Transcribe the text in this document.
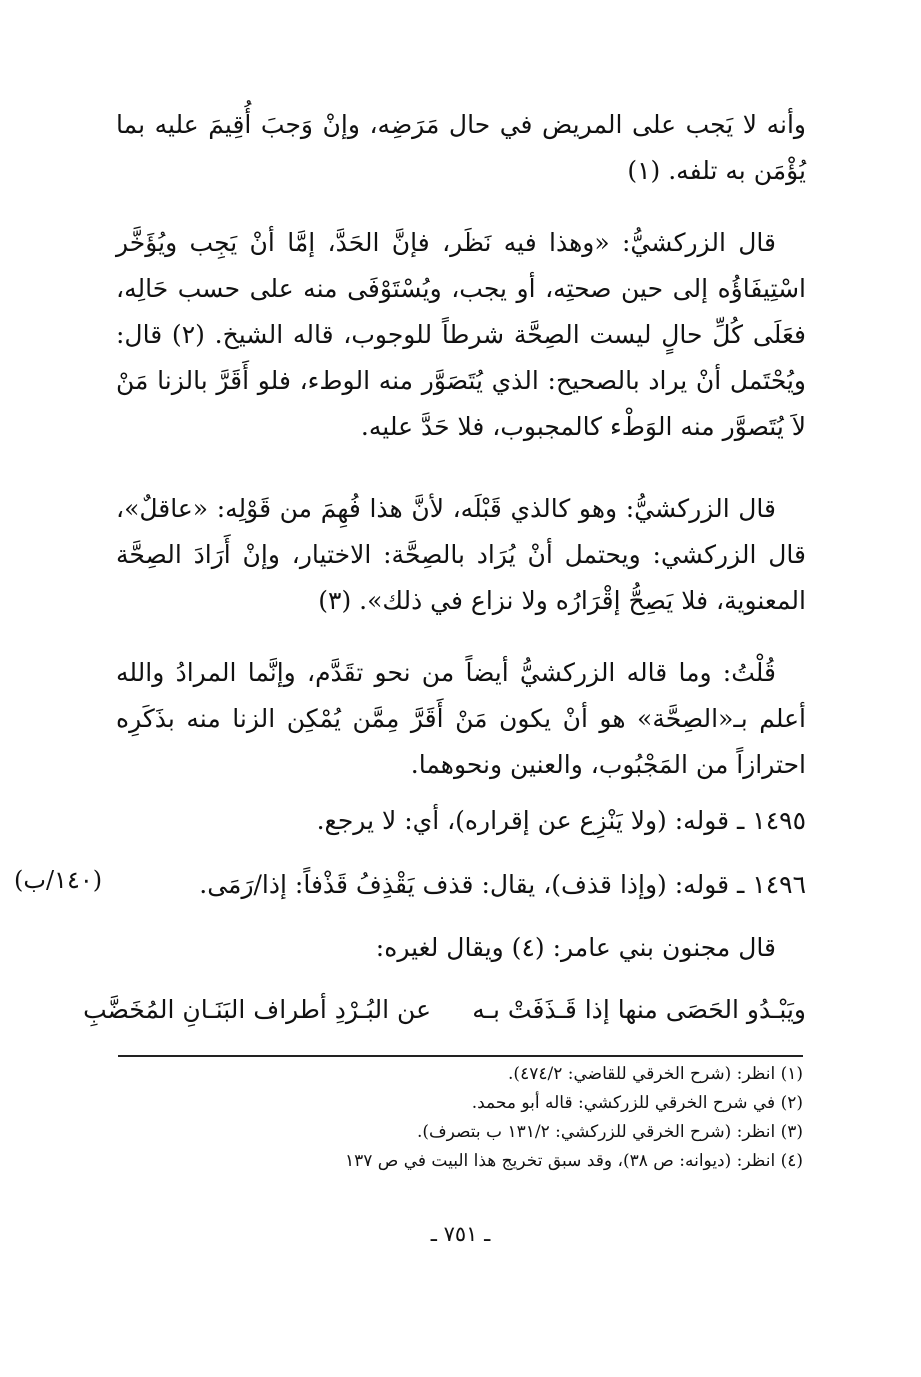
وأنه لا يَجب على المريض في حال مَرَضِه، وإنْ وَجبَ أُقِيمَ عليه بما يُؤْمَن به تلفه. (١)
قال الزركشيُّ: «وهذا فيه نَظَر، فإنَّ الحَدَّ، إمَّا أنْ يَجِب ويُؤَخَّر اسْتِيفَاؤُه إلى حين صحتِه، أو يجب، ويُسْتَوْفَى منه على حسب حَالِه، فعَلَى كُلِّ حالٍ ليست الصِحَّة شرطاً للوجوب، قاله الشيخ. (٢) قال: ويُحْتَمل أنْ يراد بالصحيح: الذي يُتَصَوَّر منه الوطء، فلو أَقَرَّ بالزنا مَنْ لاَ يُتَصوَّر منه الوَطْء كالمجبوب، فلا حَدَّ عليه.
قال الزركشيُّ: وهو كالذي قَبْلَه، لأنَّ هذا فُهِمَ من قَوْلِه: «عاقلٌ»، قال الزركشي: ويحتمل أنْ يُرَاد بالصِحَّة: الاختيار، وإنْ أَرَادَ الصِحَّة المعنوية، فلا يَصِحُّ إقْرَارُه ولا نزاع في ذلك». (٣)
قُلْتُ: وما قاله الزركشيُّ أيضاً من نحو تقَدَّم، وإنَّما المرادُ والله أعلم بـ«الصِحَّة» هو أنْ يكون مَنْ أَقَرَّ مِمَّن يُمْكِن الزنا منه بذَكَرِه احترازاً من المَجْبُوب، والعنين ونحوهما.
١٤٩٥ ـ قوله: (ولا يَنْزِع عن إقراره)، أي: لا يرجع.
١٤٩٦ ـ قوله: (وإذا قذف)، يقال: قذف يَقْذِفُ قَذْفاً: إذا/رَمَى.
(١٤٠/ب)
قال مجنون بني عامر: (٤) ويقال لغيره:
ويَبْـدُو الحَصَى منها إذا قَـذَفَتْ بـه
عن البُـرْدِ أطراف البَنَـانِ المُخَضَّبِ
(١) انظر: (شرح الخرقي للقاضي: ٤٧٤/٢).
(٢) في شرح الخرقي للزركشي: قاله أبو محمد.
(٣) انظر: (شرح الخرقي للزركشي: ١٣١/٢ ب بتصرف).
(٤) انظر: (ديوانه: ص ٣٨)، وقد سبق تخريج هذا البيت في ص ١٣٧
ـ ٧٥١ ـ
